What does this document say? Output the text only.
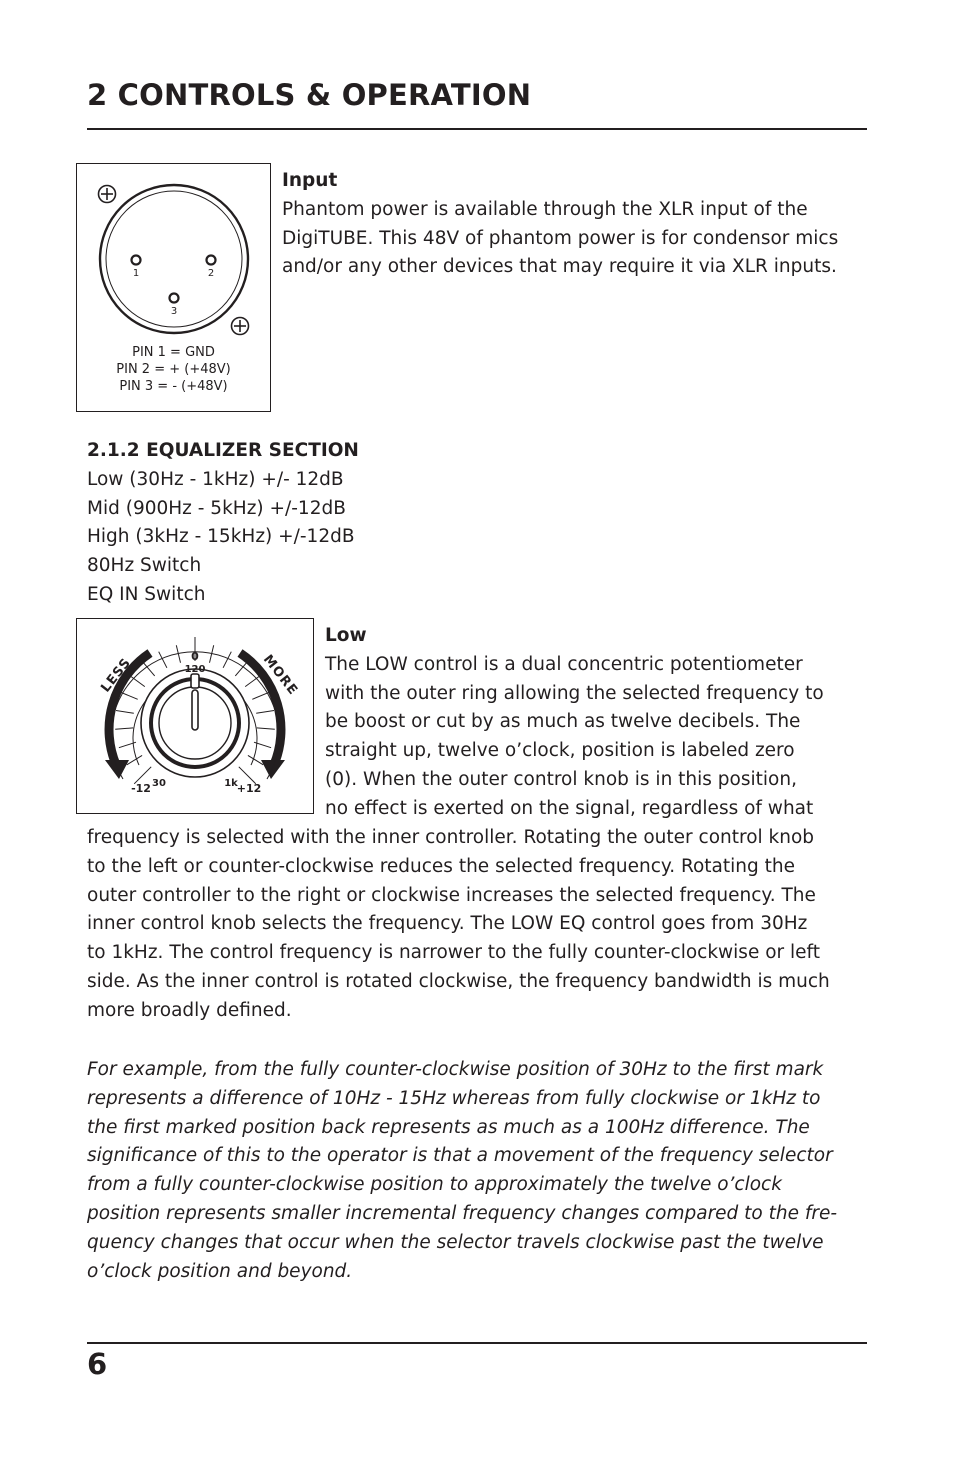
2 CONTROLS & OPERATION
1	2
3
PIN 1 = GND
PIN 2 = + (+48V)
PIN 3 = - (+48V)

Input

Phantom power is available through the XLR input of the
DigiTUBE. This 48V of phantom power is for condensor mics
and/or any other devices that may require it via XLR inputs.

2.1.2 EQUALIZER SECTION

Low (30Hz - 1kHz) +/- 12dB
Mid (900Hz - 5kHz) +/-12dB
High (3kHz - 15kHz) +/-12dB
80Hz Switch
EQ IN Switch
0
120
-12 30	1k
+12
LESS	MORE

Low

The LOW control is a dual concentric potentiometer
with the outer ring allowing the selected frequency to
be boost or cut by as much as twelve decibels. The
straight up, twelve o’clock, position is labeled zero
(0). When the outer control knob is in this position,
no effect is exerted on the signal, regardless of what
frequency is selected with the inner controller. Rotating the outer control knob
to the left or counter-clockwise reduces the selected frequency. Rotating the
outer controller to the right or clockwise increases the selected frequency. The
inner control knob selects the frequency. The LOW EQ control goes from 30Hz
to 1kHz. The control frequency is narrower to the fully counter-clockwise or left
side. As the inner control is rotated clockwise, the frequency bandwidth is much
more broadly defined.
For example, from the fully counter-clockwise position of 30Hz to the first mark
represents a difference of 10Hz - 15Hz whereas from fully clockwise or 1kHz to
the first marked position back represents as much as a 100Hz difference. The
significance of this to the operator is that a movement of the frequency selector
from a fully counter-clockwise position to approximately the twelve o’clock
position represents smaller incremental frequency changes compared to the fre-
quency changes that occur when the selector travels clockwise past the twelve
o’clock position and beyond.
6
